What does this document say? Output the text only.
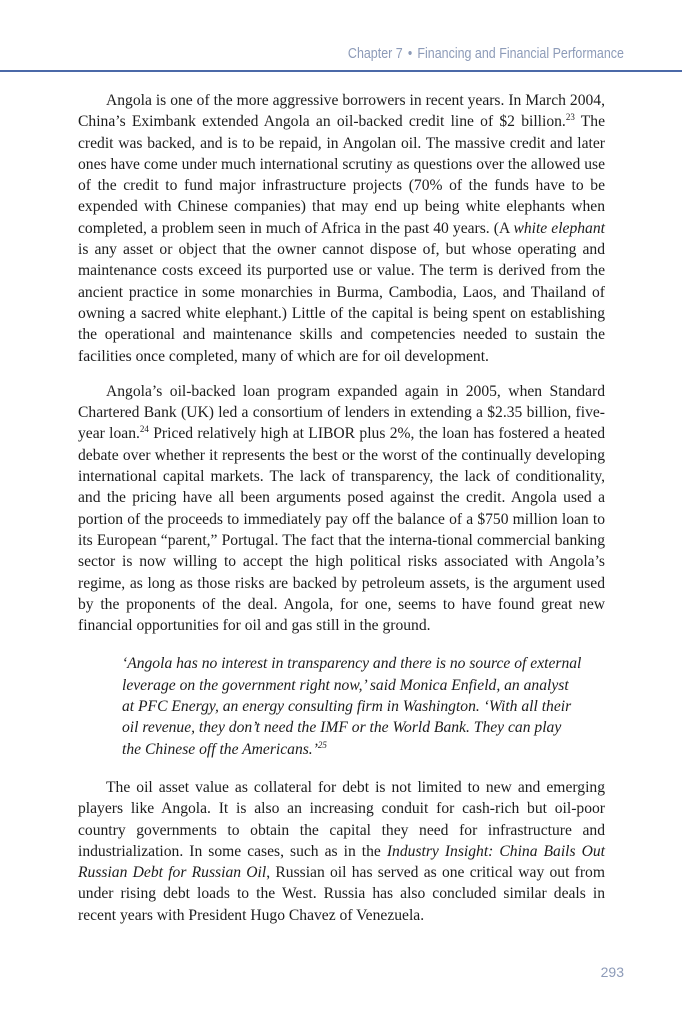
Chapter 7 • Financing and Financial Performance

Angola is one of the more aggressive borrowers in recent years. In March 2004, China’s Eximbank extended Angola an oil-backed credit line of $2 billion.$^{23}$ The credit was backed, and is to be repaid, in Angolan oil. The massive credit and later ones have come under much international scrutiny as questions over the allowed use of the credit to fund major infrastructure projects (70% of the funds have to be expended with Chinese companies) that may end up being white elephants when completed, a problem seen in much of Africa in the past 40 years. (A white elephant is any asset or object that the owner cannot dispose of, but whose operating and maintenance costs exceed its purported use or value. The term is derived from the ancient practice in some monarchies in Burma, Cambodia, Laos, and Thailand of owning a sacred white elephant.) Little of the capital is being spent on establishing the operational and maintenance skills and competencies needed to sustain the facilities once completed, many of which are for oil development.

Angola’s oil-backed loan program expanded again in 2005, when Standard Chartered Bank (UK) led a consortium of lenders in extending a $2.35 billion, five-year loan.$^{24}$ Priced relatively high at LIBOR plus 2%, the loan has fostered a heated debate over whether it represents the best or the worst of the continually developing international capital markets. The lack of transparency, the lack of conditionality, and the pricing have all been arguments posed against the credit. Angola used a portion of the proceeds to immediately pay off the balance of a $750 million loan to its European “parent,” Portugal. The fact that the interna-tional commercial banking sector is now willing to accept the high political risks associated with Angola’s regime, as long as those risks are backed by petroleum assets, is the argument used by the proponents of the deal. Angola, for one, seems to have found great new financial opportunities for oil and gas still in the ground.

‘Angola has no interest in transparency and there is no source of external leverage on the government right now,’ said Monica Enfield, an analyst at PFC Energy, an energy consulting firm in Washington. ‘With all their oil revenue, they don’t need the IMF or the World Bank. They can play the Chinese off the Americans.’$^{25}$

The oil asset value as collateral for debt is not limited to new and emerging players like Angola. It is also an increasing conduit for cash-rich but oil-poor country governments to obtain the capital they need for infrastructure and industrialization. In some cases, such as in the Industry Insight: China Bails Out Russian Debt for Russian Oil, Russian oil has served as one critical way out from under rising debt loads to the West. Russia has also concluded similar deals in recent years with President Hugo Chavez of Venezuela.

293
